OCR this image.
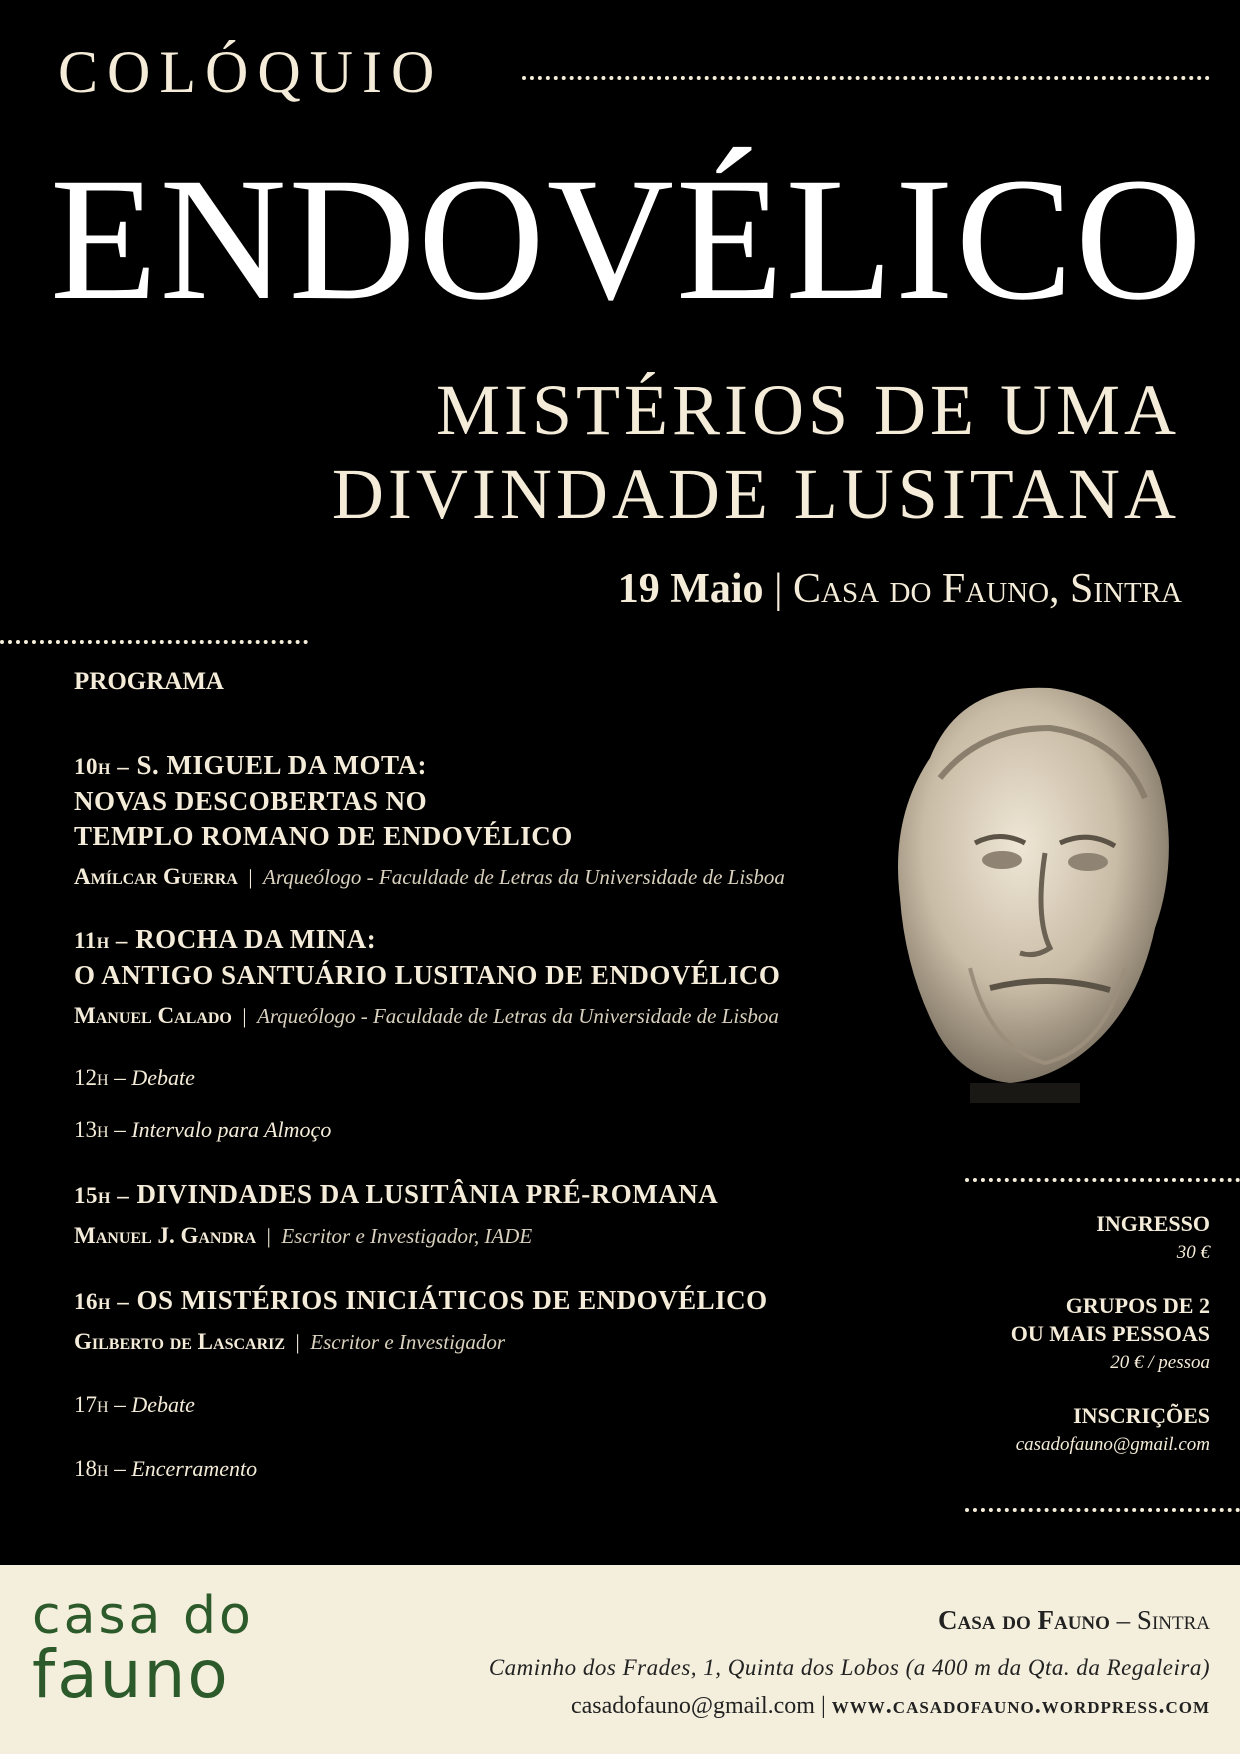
COLÓQUIO
ENDOVÉLICO
MISTÉRIOS DE UMA
DIVINDADE LUSITANA
19 Maio | Casa do Fauno, Sintra
PROGRAMA
10h – S. MIGUEL DA MOTA:
NOVAS DESCOBERTAS NO
TEMPLO ROMANO DE ENDOVÉLICO
Amílcar Guerra  |  Arqueólogo - Faculdade de Letras da Universidade de Lisboa
11h – ROCHA DA MINA:
O ANTIGO SANTUÁRIO LUSITANO DE ENDOVÉLICO
Manuel Calado  |  Arqueólogo - Faculdade de Letras da Universidade de Lisboa
12h – Debate
13h – Intervalo para Almoço
15h – DIVINDADES DA LUSITÂNIA PRÉ-ROMANA
Manuel J. Gandra  |  Escritor e Investigador, IADE
16h – OS MISTÉRIOS INICIÁTICOS DE ENDOVÉLICO
Gilberto de Lascariz  |  Escritor e Investigador
17h – Debate
18h – Encerramento
INGRESSO
30 €
GRUPOS DE 2
OU MAIS PESSOAS
20 € / pessoa
INSCRIÇÕES
casadofauno@gmail.com
casa do
fauno
Casa do Fauno – Sintra
Caminho dos Frades, 1, Quinta dos Lobos (a 400 m da Qta. da Regaleira)
casadofauno@gmail.com | www.casadofauno.wordpress.com
